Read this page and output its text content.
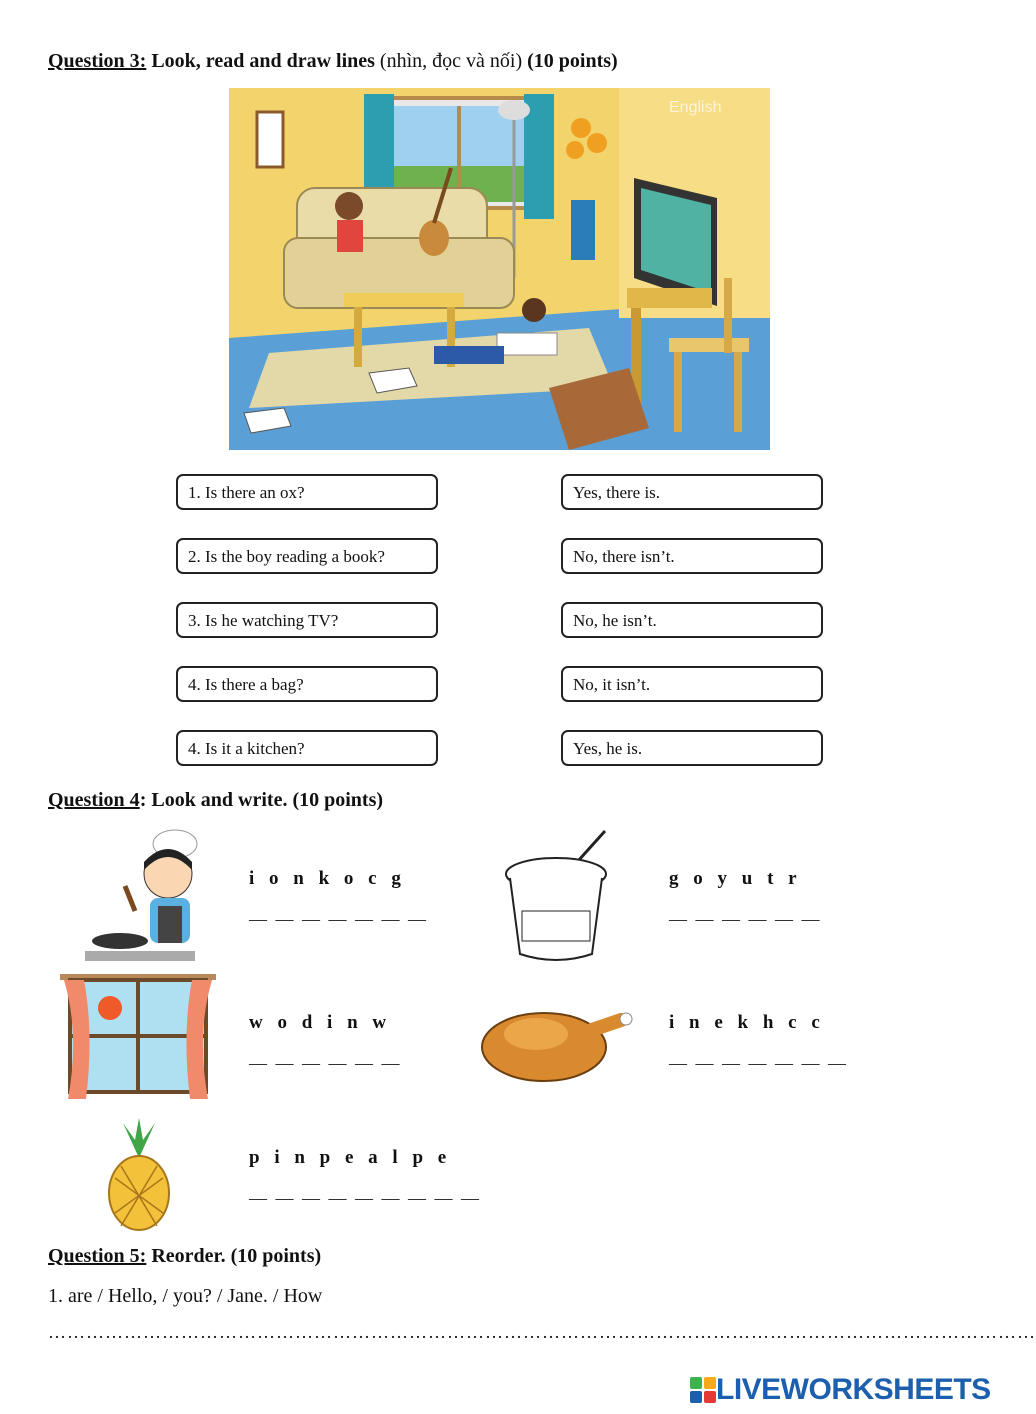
Question 3: Look, read and draw lines (nhìn, đọc và nối) (10 points)
English
1. Is there an ox?
2. Is the boy reading a book?
3. Is he watching TV?
4. Is there a bag?
4. Is it a kitchen?
Yes, there is.
No, there isn’t.
No, he isn’t.
No, it isn’t.
Yes, he is.
Question 4: Look and write. (10 points)
i o n k o c g
— — — — — — —
g o y u t r
— — — — — —
w o d i n w
— — — — — —
i n e k h c c
— — — — — — —
p i n p e a l p e
— — — — — — — — —
Question 5: Reorder. (10 points)
1. are / Hello, / you? / Jane. / How
…………………………………………………………………………………………………………………………………………
LIVEWORKSHEETS
